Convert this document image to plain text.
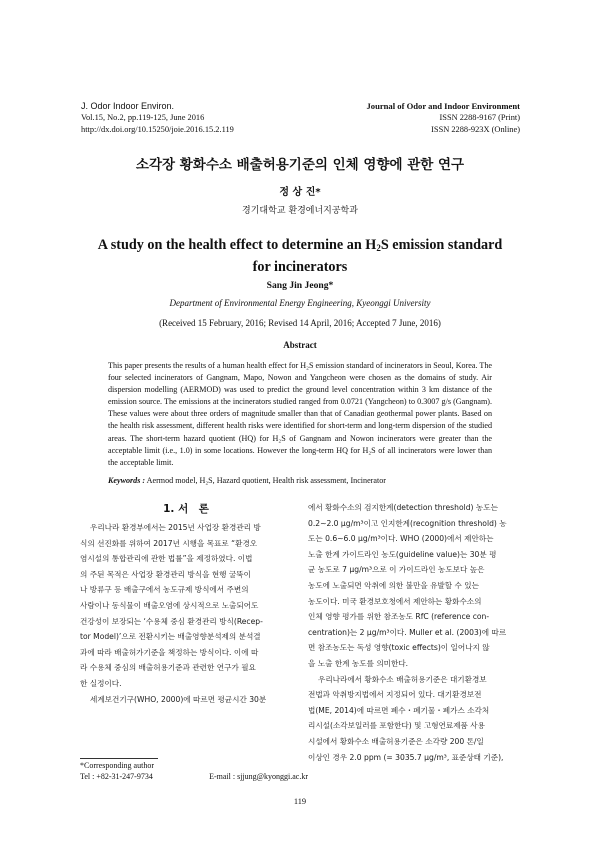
J. Odor Indoor Environ.
Vol.15, No.2, pp.119-125, June 2016
http://dx.doi.org/10.15250/joie.2016.15.2.119
Journal of Odor and Indoor Environment
ISSN 2288-9167 (Print)
ISSN 2288-923X (Online)
소각장 황화수소 배출허용기준의 인체 영향에 관한 연구
정 상 진*
경기대학교 환경에너지공학과
A study on the health effect to determine an $H_2S$ emission standard
for incinerators
Sang Jin Jeong*
Department of Environmental Energy Engineering, Kyeonggi University
(Received 15 February, 2016; Revised 14 April, 2016; Accepted 7 June, 2016)
Abstract
This paper presents the results of a human health effect for H₂S emission standard of incinerators in Seoul, Korea. The four selected incinerators of Gangnam, Mapo, Nowon and Yangcheon were chosen as the domains of study. Air dispersion modelling (AERMOD) was used to predict the ground level concentration within 3 km distance of the emission source. The emissions at the incinerators studied ranged from 0.0721 (Yangcheon) to 0.3007 g/s (Gangnam). These values were about three orders of magnitude smaller than that of Canadian geothermal power plants. Based on the health risk assessment, different health risks were identified for short-term and long-term dispersion of the studied areas. The short-term hazard quotient (HQ) for H₂S of Gangnam and Nowon incinerators were greater than the acceptable limit (i.e., 1.0) in some locations. However the long-term HQ for H₂S of all incinerators were lower than the acceptable limit.
Keywords : Aermod model, H₂S, Hazard quotient, Health risk assessment, Incinerator
1. 서　론
우리나라 환경부에서는 2015년 사업장 환경관리 방
식의 선진화를 위하여 2017년 시행을 목표로 “환경오
염시설의 통합관리에 관한 법률”을 제정하였다. 이법
의 주된 목적은 사업장 환경관리 방식을 현행 굴뚝이
나 방류구 등 배출구에서 농도규제 방식에서 주변의
사람이나 동식물이 배출오염에 상시적으로 노출되어도
건강성이 보장되는 ‘수용체 중심 환경관리 방식(Recep-
tor Model)’으로 전환시키는 배출영향분석제의 분석결
과에 따라 배출허가기준을 책정하는 방식이다. 이에 따
라 수용체 중심의 배출허용기준과 관련한 연구가 필요
한 실정이다.
세계보건기구(WHO, 2000)에 따르면 평균시간 30분
에서 황화수소의 검지한계(detection threshold) 농도는
0.2~2.0 μg/m³이고 인지한계(recognition threshold) 농
도는 0.6~6.0 μg/m³이다. WHO (2000)에서 제안하는
노출 한계 가이드라인 농도(guideline value)는 30분 평
균 농도로 7 μg/m³으로 이 가이드라인 농도보다 높은
농도에 노출되면 악취에 의한 불만을 유발할 수 있는
농도이다. 미국 환경보호청에서 제안하는 황화수소의
인체 영향 평가를 위한 참조농도 RfC (reference con-
centration)는 2 μg/m³이다. Muller et al. (2003)에 따르
면 참조농도는 독성 영향(toxic effects)이 일어나지 않
을 노출 한계 농도를 의미한다.
우리나라에서 황화수소 배출허용기준은 대기환경보
전법과 악취방지법에서 지정되어 있다. 대기환경보전
법(ME, 2014)에 따르면 폐수・폐기물・폐가스 소각처
리시설(소각보일러를 포함한다) 및 고형연료제품 사용
시설에서 황화수소 배출허용기준은 소각량 200 톤/일
이상인 경우 2.0 ppm (= 3035.7 μg/m³, 표준상태 기준),
*Corresponding author
Tel : +82-31-247-9734	E-mail : sjjung@kyonggi.ac.kr
119
